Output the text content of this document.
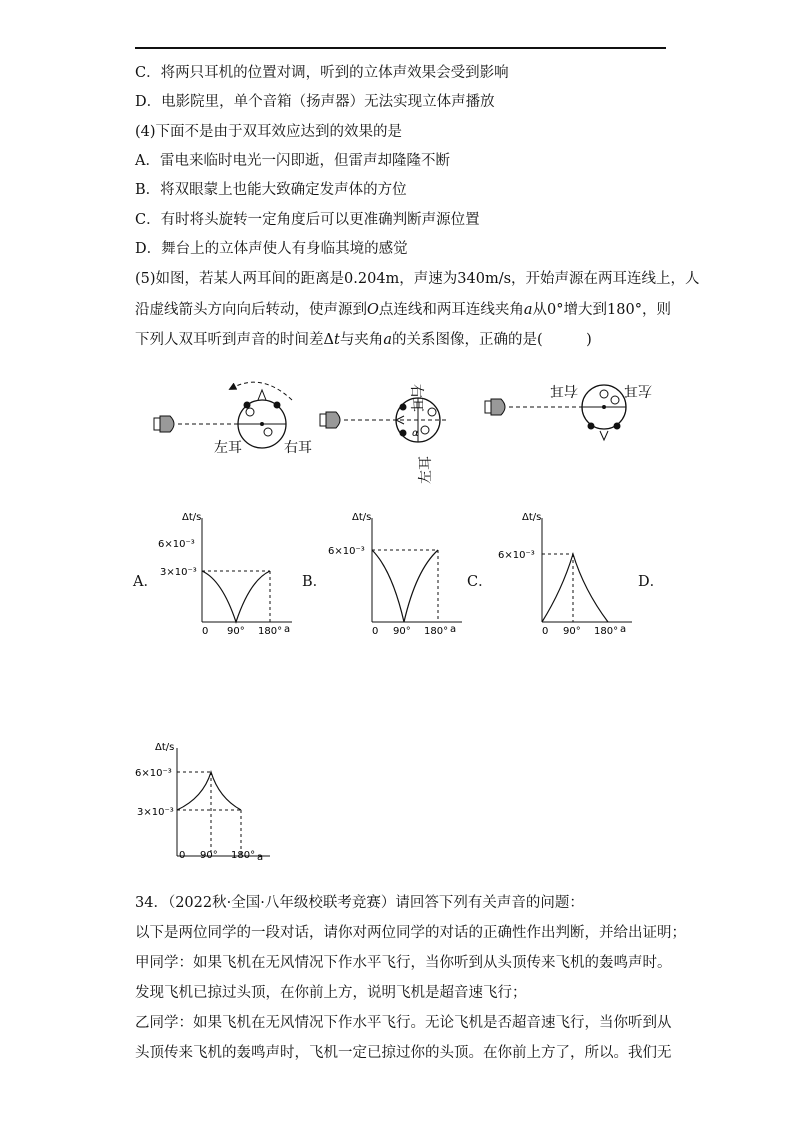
C．将两只耳机的位置对调，听到的立体声效果会受到影响
D．电影院里，单个音箱（扬声器）无法实现立体声播放
(4)下面不是由于双耳效应达到的效果的是
A．雷电来临时电光一闪即逝，但雷声却隆隆不断
B．将双眼蒙上也能大致确定发声体的方位
C．有时将头旋转一定角度后可以更准确判断声源位置
D．舞台上的立体声使人有身临其境的感觉
(5)如图，若某人两耳间的距离是0.204m，声速为340m/s，开始声源在两耳连线上，人
沿虚线箭头方向向后转动，使声源到O点连线和两耳连线夹角a从0°增大到180°，则
下列人双耳听到声音的时间差Δt与夹角a的关系图像，正确的是(　　　)
左耳	右耳
α
右耳
左耳
右耳	左耳
A．	B．	C．	D．
Δt/s
6×10⁻³
3×10⁻³
0 90° 180° a
Δt/s
6×10⁻³
0 90° 180° a
Δt/s
6×10⁻³
0 90° 180° a
Δt/s
6×10⁻³
3×10⁻³
0 90° 180° a
34．（2022秋·全国·八年级校联考竞赛）请回答下列有关声音的问题：
以下是两位同学的一段对话，请你对两位同学的对话的正确性作出判断，并给出证明；
甲同学：如果飞机在无风情况下作水平飞行，当你听到从头顶传来飞机的轰鸣声时。
发现飞机已掠过头顶，在你前上方，说明飞机是超音速飞行；
乙同学：如果飞机在无风情况下作水平飞行。无论飞机是否超音速飞行，当你听到从
头顶传来飞机的轰鸣声时，飞机一定已掠过你的头顶。在你前上方了，所以。我们无
